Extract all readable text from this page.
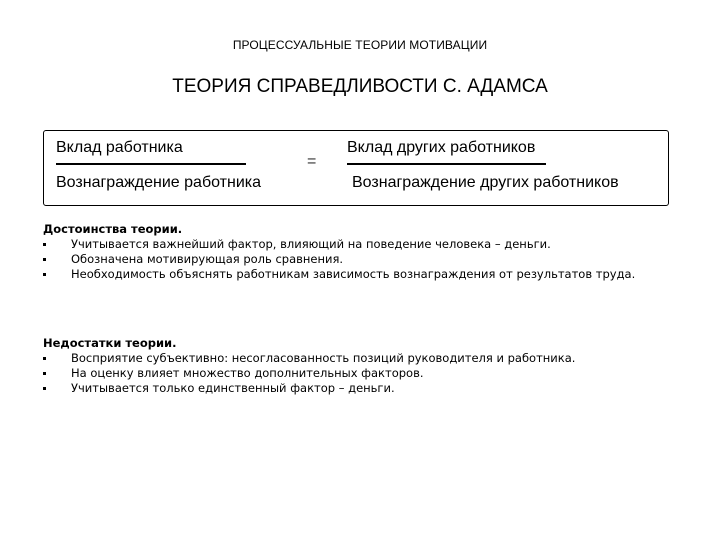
ПРОЦЕССУАЛЬНЫЕ ТЕОРИИ МОТИВАЦИИ
ТЕОРИЯ СПРАВЕДЛИВОСТИ С. АДАМСА
Вклад работника
Вознаграждение работника
=
Вклад других работников
Вознаграждение других работников
Достоинства теории.
Учитывается важнейший фактор, влияющий на поведение человека – деньги.
Обозначена мотивирующая роль сравнения.
Необходимость объяснять работникам зависимость вознаграждения от результатов труда.
Недостатки теории.
Восприятие субъективно: несогласованность позиций руководителя и работника.
На оценку влияет множество дополнительных факторов.
Учитывается только единственный фактор – деньги.
